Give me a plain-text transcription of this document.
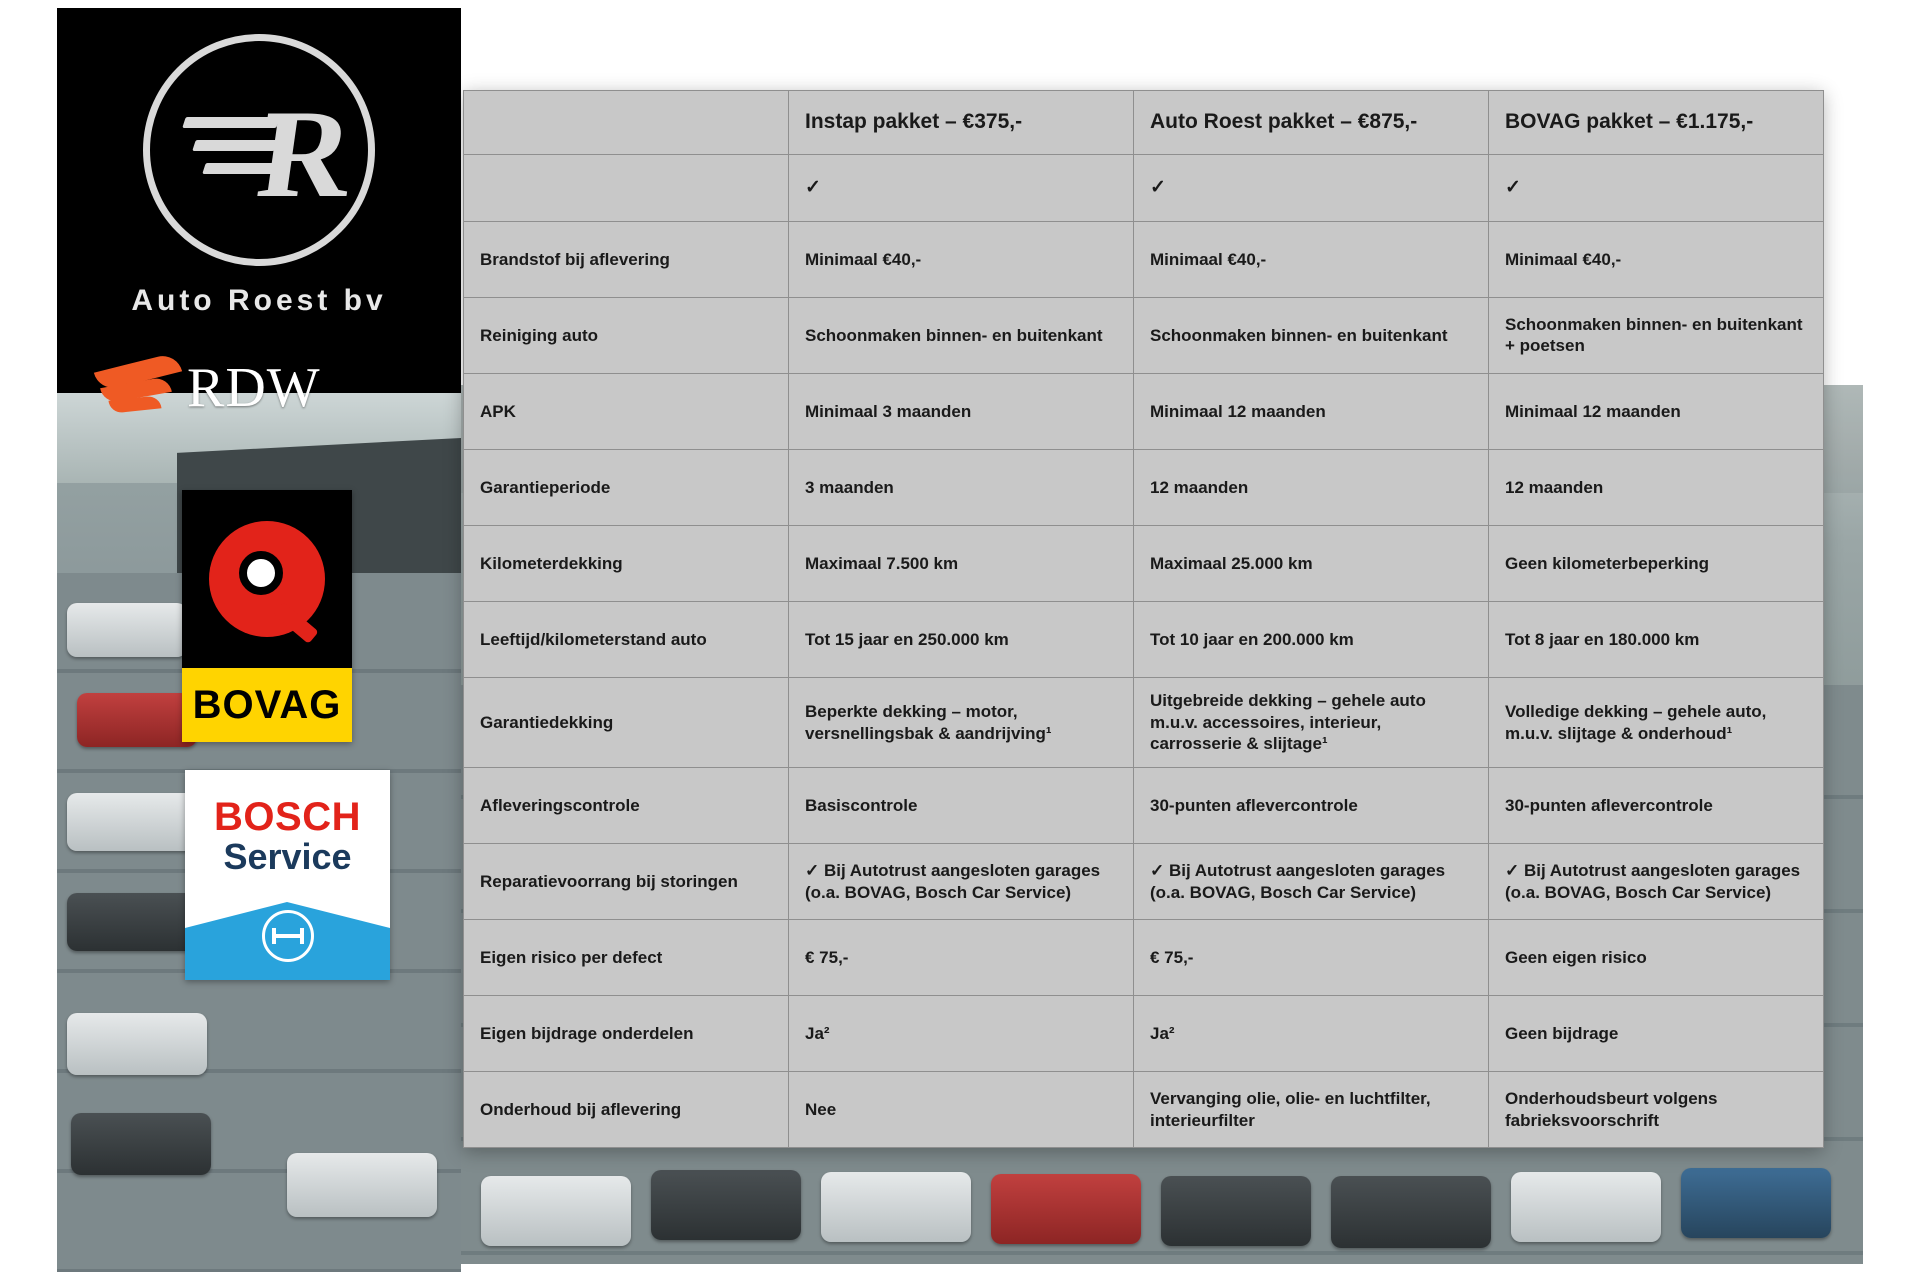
R
Auto Roest bv
RDW
BOVAG
BOSCH
Service
	Instap pakket – €375,-	Auto Roest pakket – €875,-	BOVAG pakket – €1.175,-
	✓	✓	✓
Brandstof bij aflevering	Minimaal €40,-	Minimaal €40,-	Minimaal €40,-
Reiniging auto	Schoonmaken binnen- en buitenkant	Schoonmaken binnen- en buitenkant	Schoonmaken binnen- en buitenkant + poetsen
APK	Minimaal 3 maanden	Minimaal 12 maanden	Minimaal 12 maanden
Garantieperiode	3 maanden	12 maanden	12 maanden
Kilometerdekking	Maximaal 7.500 km	Maximaal 25.000 km	Geen kilometerbeperking
Leeftijd/kilometerstand auto	Tot 15 jaar en 250.000 km	Tot 10 jaar en 200.000 km	Tot 8 jaar en 180.000 km
Garantiedekking	Beperkte dekking – motor, versnellingsbak & aandrijving¹	Uitgebreide dekking – gehele auto m.u.v. accessoires, interieur, carrosserie & slijtage¹	Volledige dekking – gehele auto, m.u.v. slijtage & onderhoud¹
Afleveringscontrole	Basiscontrole	30-punten aflevercontrole	30-punten aflevercontrole
Reparatievoorrang bij storingen	✓ Bij Autotrust aangesloten garages (o.a. BOVAG, Bosch Car Service)	✓ Bij Autotrust aangesloten garages (o.a. BOVAG, Bosch Car Service)	✓ Bij Autotrust aangesloten garages (o.a. BOVAG, Bosch Car Service)
Eigen risico per defect	€ 75,-	€ 75,-	Geen eigen risico
Eigen bijdrage onderdelen	Ja²	Ja²	Geen bijdrage
Onderhoud bij aflevering	Nee	Vervanging olie, olie- en luchtfilter, interieurfilter	Onderhoudsbeurt volgens fabrieksvoorschrift
